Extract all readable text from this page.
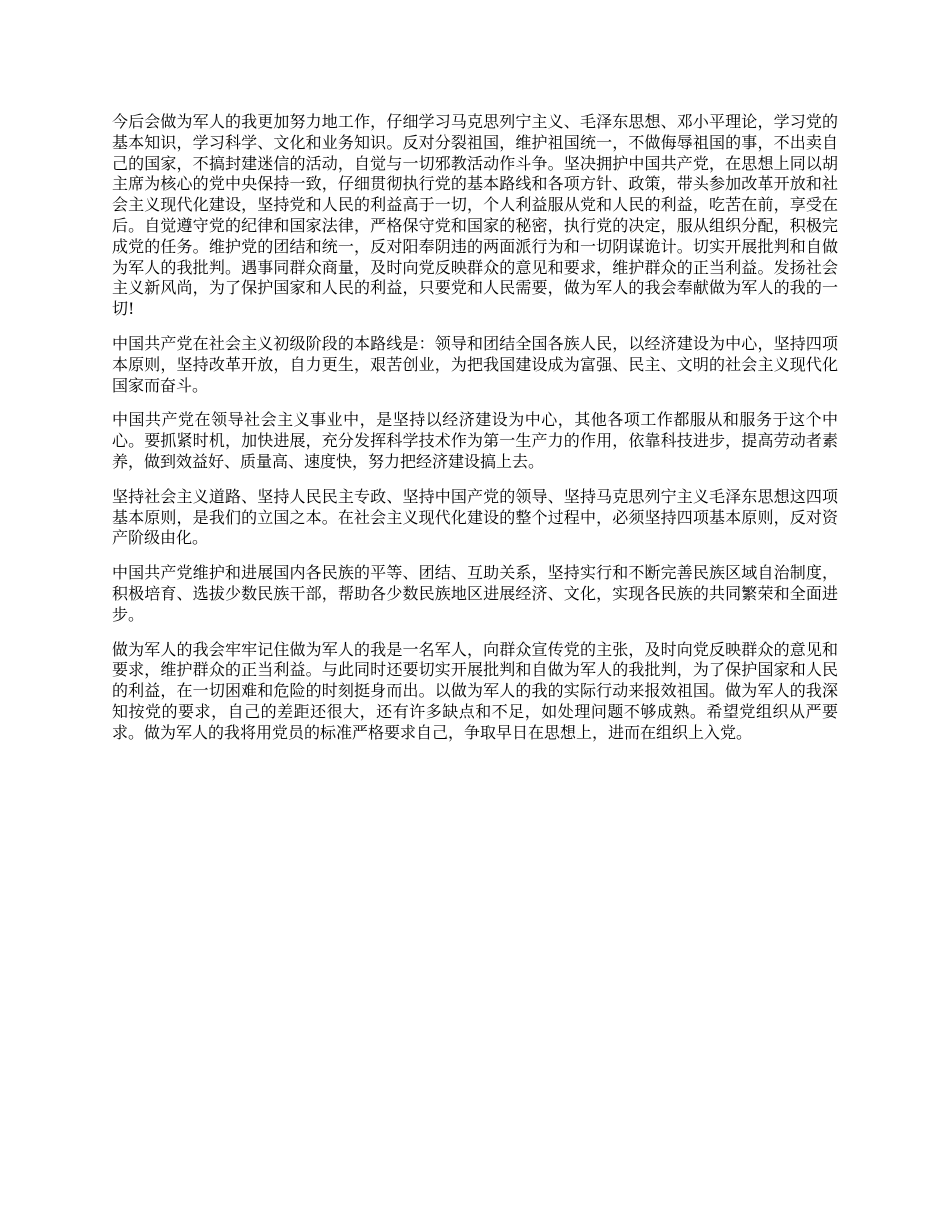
今后会做为军人的我更加努力地工作，仔细学习马克思列宁主义、毛泽东思想、邓小平理论，学习党的基本知识，学习科学、文化和业务知识。反对分裂祖国，维护祖国统一，不做侮辱祖国的事，不出卖自己的国家，不搞封建迷信的活动，自觉与一切邪教活动作斗争。坚决拥护中国共产党，在思想上同以胡主席为核心的党中央保持一致，仔细贯彻执行党的基本路线和各项方针、政策，带头参加改革开放和社会主义现代化建设，坚持党和人民的利益高于一切，个人利益服从党和人民的利益，吃苦在前，享受在后。自觉遵守党的纪律和国家法律，严格保守党和国家的秘密，执行党的决定，服从组织分配，积极完成党的任务。维护党的团结和统一，反对阳奉阴违的两面派行为和一切阴谋诡计。切实开展批判和自做为军人的我批判。遇事同群众商量，及时向党反映群众的意见和要求，维护群众的正当利益。发扬社会主义新风尚，为了保护国家和人民的利益，只要党和人民需要，做为军人的我会奉献做为军人的我的一切!

中国共产党在社会主义初级阶段的本路线是：领导和团结全国各族人民，以经济建设为中心，坚持四项本原则，坚持改革开放，自力更生，艰苦创业，为把我国建设成为富强、民主、文明的社会主义现代化国家而奋斗。

中国共产党在领导社会主义事业中，是坚持以经济建设为中心，其他各项工作都服从和服务于这个中心。要抓紧时机，加快进展，充分发挥科学技术作为第一生产力的作用，依靠科技进步，提高劳动者素养，做到效益好、质量高、速度快，努力把经济建设搞上去。

坚持社会主义道路、坚持人民民主专政、坚持中国产党的领导、坚持马克思列宁主义毛泽东思想这四项基本原则，是我们的立国之本。在社会主义现代化建设的整个过程中，必须坚持四项基本原则，反对资产阶级由化。

中国共产党维护和进展国内各民族的平等、团结、互助关系，坚持实行和不断完善民族区域自治制度，积极培育、选拔少数民族干部，帮助各少数民族地区进展经济、文化，实现各民族的共同繁荣和全面进步。

做为军人的我会牢牢记住做为军人的我是一名军人，向群众宣传党的主张，及时向党反映群众的意见和要求，维护群众的正当利益。与此同时还要切实开展批判和自做为军人的我批判，为了保护国家和人民的利益，在一切困难和危险的时刻挺身而出。以做为军人的我的实际行动来报效祖国。做为军人的我深知按党的要求，自己的差距还很大，还有许多缺点和不足，如处理问题不够成熟。希望党组织从严要求。做为军人的我将用党员的标准严格要求自己，争取早日在思想上，进而在组织上入党。
